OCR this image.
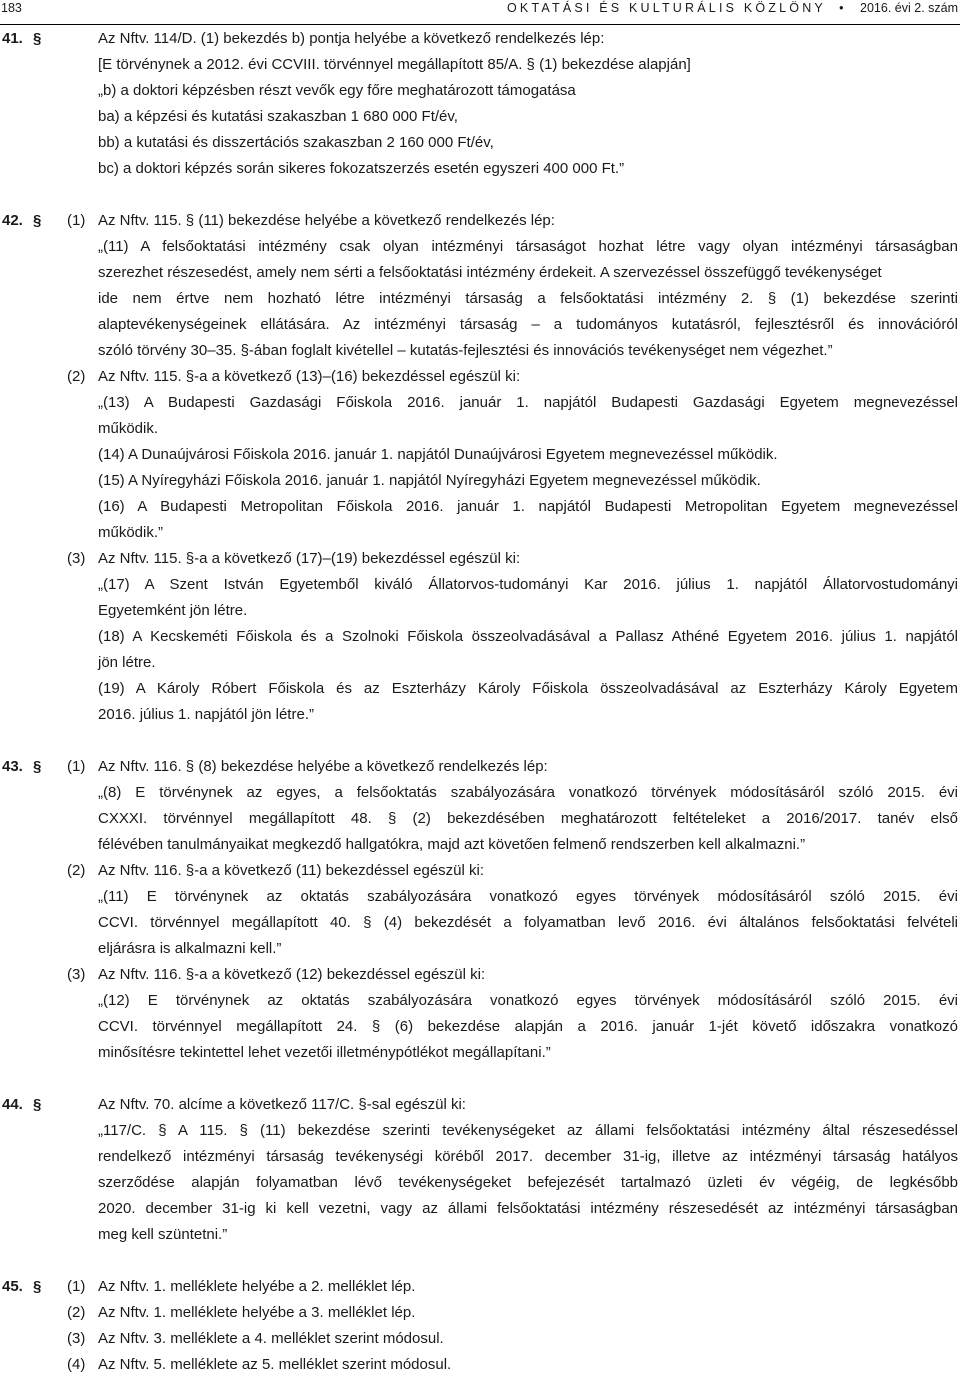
183	OKTATÁSI ÉS KULTURÁLIS KÖZLÖNY  •  2016. évi 2. szám
41. §	Az Nftv. 114/D. (1) bekezdés b) pontja helyébe a következő rendelkezés lép:
[E törvénynek a 2012. évi CCVIII. törvénnyel megállapított 85/A. § (1) bekezdése alapján]
„b) a doktori képzésben részt vevők egy főre meghatározott támogatása
ba) a képzési és kutatási szakaszban 1 680 000 Ft/év,
bb) a kutatási és disszertációs szakaszban 2 160 000 Ft/év,
bc) a doktori képzés során sikeres fokozatszerzés esetén egyszeri 400 000 Ft.”
42. § (1) Az Nftv. 115. § (11) bekezdése helyébe a következő rendelkezés lép:
„(11) A felsőoktatási intézmény csak olyan intézményi társaságot hozhat létre vagy olyan intézményi társaságban
szerezhet részesedést, amely nem sérti a felsőoktatási intézmény érdekeit. A szervezéssel összefüggő tevékenységet
ide nem értve nem hozható létre intézményi társaság a felsőoktatási intézmény 2. § (1) bekezdése szerinti
alaptevékenységeinek ellátására. Az intézményi társaság – a tudományos kutatásról, fejlesztésről és innovációról
szóló törvény 30–35. §-ában foglalt kivétellel – kutatás-fejlesztési és innovációs tevékenységet nem végezhet.”
(2) Az Nftv. 115. §-a a következő (13)–(16) bekezdéssel egészül ki:
„(13) A Budapesti Gazdasági Főiskola 2016. január 1. napjától Budapesti Gazdasági Egyetem megnevezéssel
működik.
(14) A Dunaújvárosi Főiskola 2016. január 1. napjától Dunaújvárosi Egyetem megnevezéssel működik.
(15) A Nyíregyházi Főiskola 2016. január 1. napjától Nyíregyházi Egyetem megnevezéssel működik.
(16) A Budapesti Metropolitan Főiskola 2016. január 1. napjától Budapesti Metropolitan Egyetem megnevezéssel
működik.”
(3) Az Nftv. 115. §-a a következő (17)–(19) bekezdéssel egészül ki:
„(17) A Szent István Egyetemből kiváló Állatorvos-tudományi Kar 2016. július 1. napjától Állatorvostudományi
Egyetemként jön létre.
(18) A Kecskeméti Főiskola és a Szolnoki Főiskola összeolvadásával a Pallasz Athéné Egyetem 2016. július 1. napjától
jön létre.
(19) A Károly Róbert Főiskola és az Eszterházy Károly Főiskola összeolvadásával az Eszterházy Károly Egyetem
2016. július 1. napjától jön létre.”
43. § (1) Az Nftv. 116. § (8) bekezdése helyébe a következő rendelkezés lép:
„(8) E törvénynek az egyes, a felsőoktatás szabályozására vonatkozó törvények módosításáról szóló 2015. évi
CXXXI. törvénnyel megállapított 48. § (2) bekezdésében meghatározott feltételeket a 2016/2017. tanév első
félévében tanulmányaikat megkezdő hallgatókra, majd azt követően felmenő rendszerben kell alkalmazni.”
(2) Az Nftv. 116. §-a a következő (11) bekezdéssel egészül ki:
„(11) E törvénynek az oktatás szabályozására vonatkozó egyes törvények módosításáról szóló 2015. évi
CCVI. törvénnyel megállapított 40. § (4) bekezdését a folyamatban levő 2016. évi általános felsőoktatási felvételi
eljárásra is alkalmazni kell.”
(3) Az Nftv. 116. §-a a következő (12) bekezdéssel egészül ki:
„(12) E törvénynek az oktatás szabályozására vonatkozó egyes törvények módosításáról szóló 2015. évi
CCVI. törvénnyel megállapított 24. § (6) bekezdése alapján a 2016. január 1-jét követő időszakra vonatkozó
minősítésre tekintettel lehet vezetői illetménypótlékot megállapítani.”
44. §	Az Nftv. 70. alcíme a következő 117/C. §-sal egészül ki:
„117/C. § A 115. § (11) bekezdése szerinti tevékenységeket az állami felsőoktatási intézmény által részesedéssel
rendelkező intézményi társaság tevékenységi köréből 2017. december 31-ig, illetve az intézményi társaság hatályos
szerződése alapján folyamatban lévő tevékenységeket befejezését tartalmazó üzleti év végéig, de legkésőbb
2020. december 31-ig ki kell vezetni, vagy az állami felsőoktatási intézmény részesedését az intézményi társaságban
meg kell szüntetni.”
45. § (1) Az Nftv. 1. melléklete helyébe a 2. melléklet lép.
(2) Az Nftv. 1. melléklete helyébe a 3. melléklet lép.
(3) Az Nftv. 3. melléklete a 4. melléklet szerint módosul.
(4) Az Nftv. 5. melléklete az 5. melléklet szerint módosul.
